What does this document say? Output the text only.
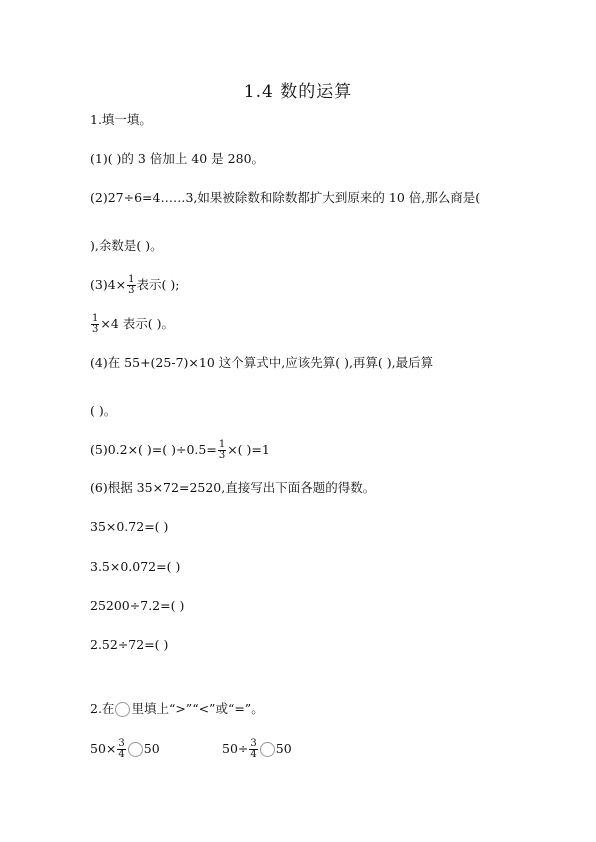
1.4 数的运算
1.填一填。
(1)( )的 3 倍加上 40 是 280。
(2)27÷6=4……3,如果被除数和除数都扩大到原来的 10 倍,那么商是(
),余数是( )。
$(3)4\times \frac{1}{3}$ 表示( );
$\frac{1}{3} \times 4$ 表示( )。
(4)在 55+(25-7)×10 这个算式中,应该先算( ),再算( ),最后算
( )。
(5)0.2×( )=( )$\div 0.5= \frac{1}{3}$ ×( )=1
(6)根据 35×72=2520,直接写出下面各题的得数。
35×0.72=( )
3.5×0.072=( )
25200÷7.2=( )
2.52÷72=( )
2.在 里填上“>”“<”或“=”。
$50\times \frac{3}{4} 50$	$50\div \frac{3}{4} 50$
